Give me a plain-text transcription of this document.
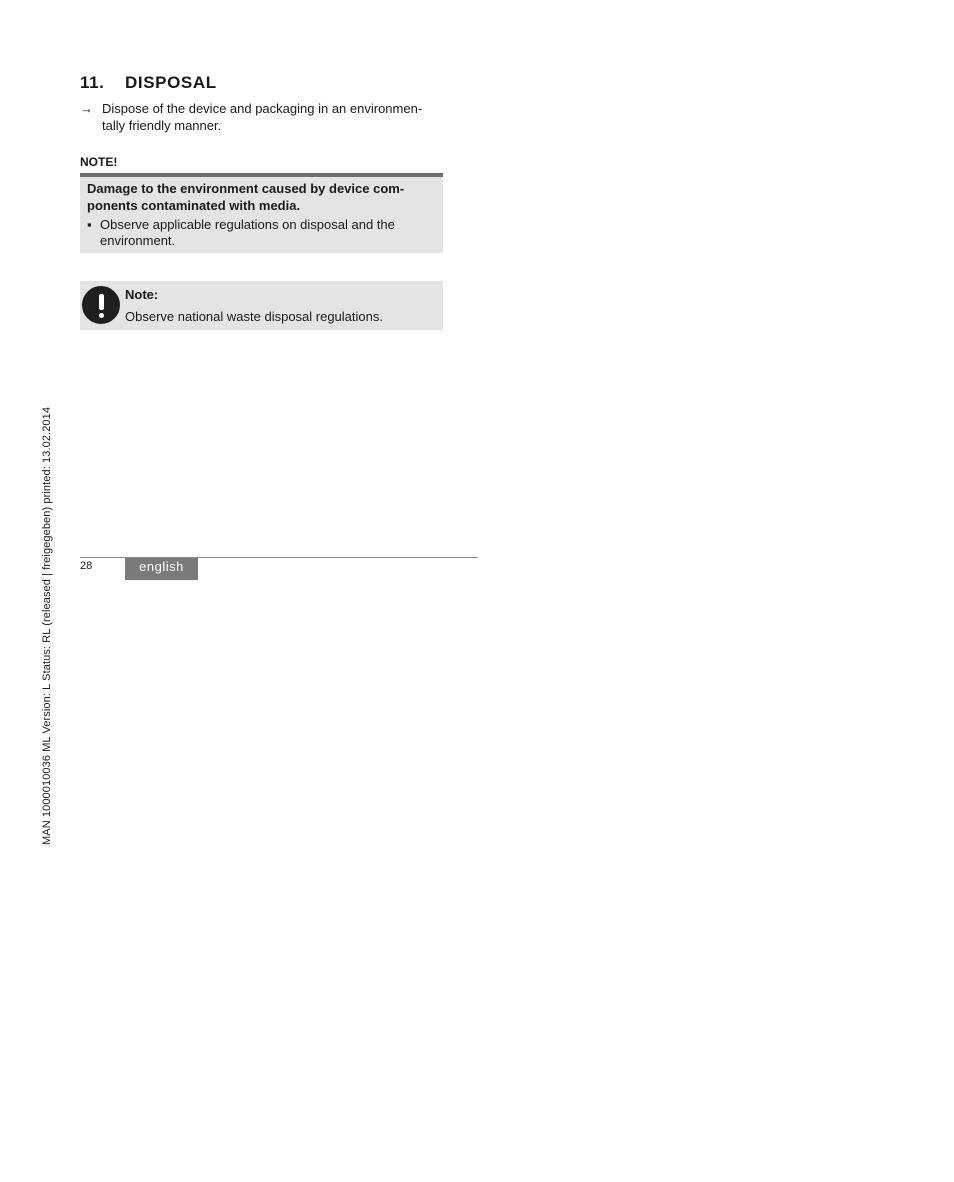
11. DISPOSAL
→ Dispose of the device and packaging in an environmen-tally friendly manner.
NOTE!
Damage to the environment caused by device com-ponents contaminated with media.
▪ Observe applicable regulations on disposal and the environment.
Note:
Observe national waste disposal regulations.
MAN 1000010036 ML Version: L Status: RL (released | freigegeben) printed: 13.02.2014 28	english
